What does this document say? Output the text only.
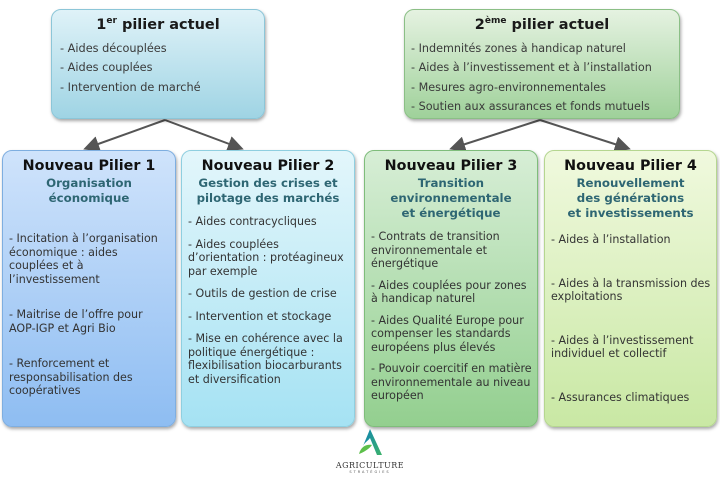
1er pilier actuel
- Aides découplées
- Aides couplées
- Intervention de marché
2ème pilier actuel
- Indemnités zones à handicap naturel
- Aides à l’investissement et à l’installation
- Mesures agro-environnementales
- Soutien aux assurances et fonds mutuels
Nouveau Pilier 1
Organisation
économique
- Incitation à l’organisation économique : aides couplées et à l’investissement
- Maitrise de l’offre pour AOP-IGP et Agri Bio
- Renforcement et responsabilisation des coopératives
Nouveau Pilier 2
Gestion des crises et
pilotage des marchés
- Aides contracycliques
- Aides couplées d’orientation : protéagineux par exemple
- Outils de gestion de crise
- Intervention et stockage
- Mise en cohérence avec la politique énergétique : flexibilisation biocarburants et diversification
Nouveau Pilier 3
Transition
environnementale
et énergétique
- Contrats de transition environnementale et énergétique
- Aides couplées pour zones à handicap naturel
- Aides Qualité Europe pour compenser les standards européens plus élevés
- Pouvoir coercitif en matière environnementale au niveau européen
Nouveau Pilier 4
Renouvellement
des générations
et investissements
- Aides à l’installation
- Aides à la transmission des exploitations
- Aides à l’investissement individuel et collectif
- Assurances climatiques
AGRICULTURE
STRATÉGIES
